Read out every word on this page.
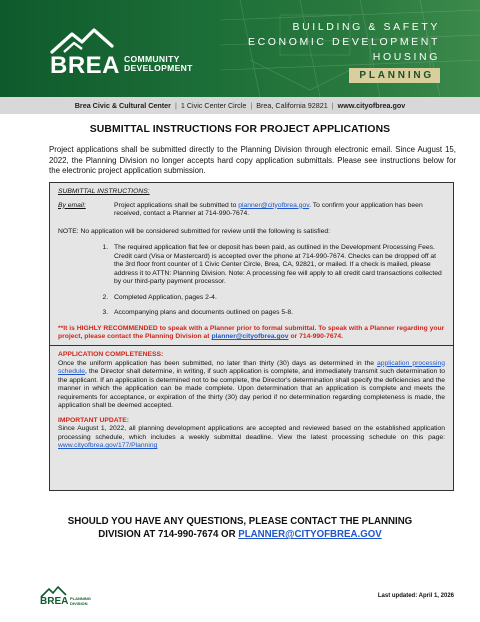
BREA COMMUNITY
DEVELOPMENT
BUILDING & SAFETY
ECONOMIC DEVELOPMENT
HOUSING
PLANNING
Brea Civic & Cultural Center | 1 Civic Center Circle | Brea, California 92821 | www.cityofbrea.gov
SUBMITTAL INSTRUCTIONS FOR PROJECT APPLICATIONS
Project applications shall be submitted directly to the Planning Division through electronic email. Since August 15, 2022, the Planning Division no longer accepts hard copy application submittals. Please see instructions below for the electronic project application submission.
SUBMITTAL INSTRUCTIONS:
By email:	Project applications shall be submitted to planner@cityofbrea.gov. To confirm your application has been received, contact a Planner at 714-990-7674.
NOTE: No application will be considered submitted for review until the following is satisfied:
1. The required application flat fee or deposit has been paid, as outlined in the Development Processing Fees. Credit card (Visa or Mastercard) is accepted over the phone at 714-990-7674. Checks can be dropped off at the 3rd floor front counter of 1 Civic Center Circle, Brea, CA, 92821, or mailed. If a check is mailed, please address it to ATTN: Planning Division. Note: A processing fee will apply to all credit card transactions collected by our third-party payment processor.
2. Completed Application, pages 2-4.
3. Accompanying plans and documents outlined on pages 5-8.
**It is HIGHLY RECOMMENDED to speak with a Planner prior to formal submittal. To speak with a Planner regarding your project, please contact the Planning Division at planner@cityofbrea.gov or 714-990-7674.
APPLICATION COMPLETENESS:
Once the uniform application has been submitted, no later than thirty (30) days as determined in the application processing schedule, the Director shall determine, in writing, if such application is complete, and immediately transmit such determination to the applicant. If an application is determined not to be complete, the Director's determination shall specify the deficiencies and the manner in which the application can be made complete. Upon determination that an application is complete and meets the requirements for acceptance, or expiration of the thirty (30) day period if no determination regarding completeness is made, the application shall be deemed accepted.
IMPORTANT UPDATE:
Since August 1, 2022, all planning development applications are accepted and reviewed based on the established application processing schedule, which includes a weekly submittal deadline. View the latest processing schedule on this page: www.cityofbrea.gov/177/Planning
SHOULD YOU HAVE ANY QUESTIONS, PLEASE CONTACT THE PLANNING
DIVISION AT 714-990-7674 OR PLANNER@CITYOFBREA.GOV
BREA PLANNING
DIVISION
Last updated: April 1, 2026
